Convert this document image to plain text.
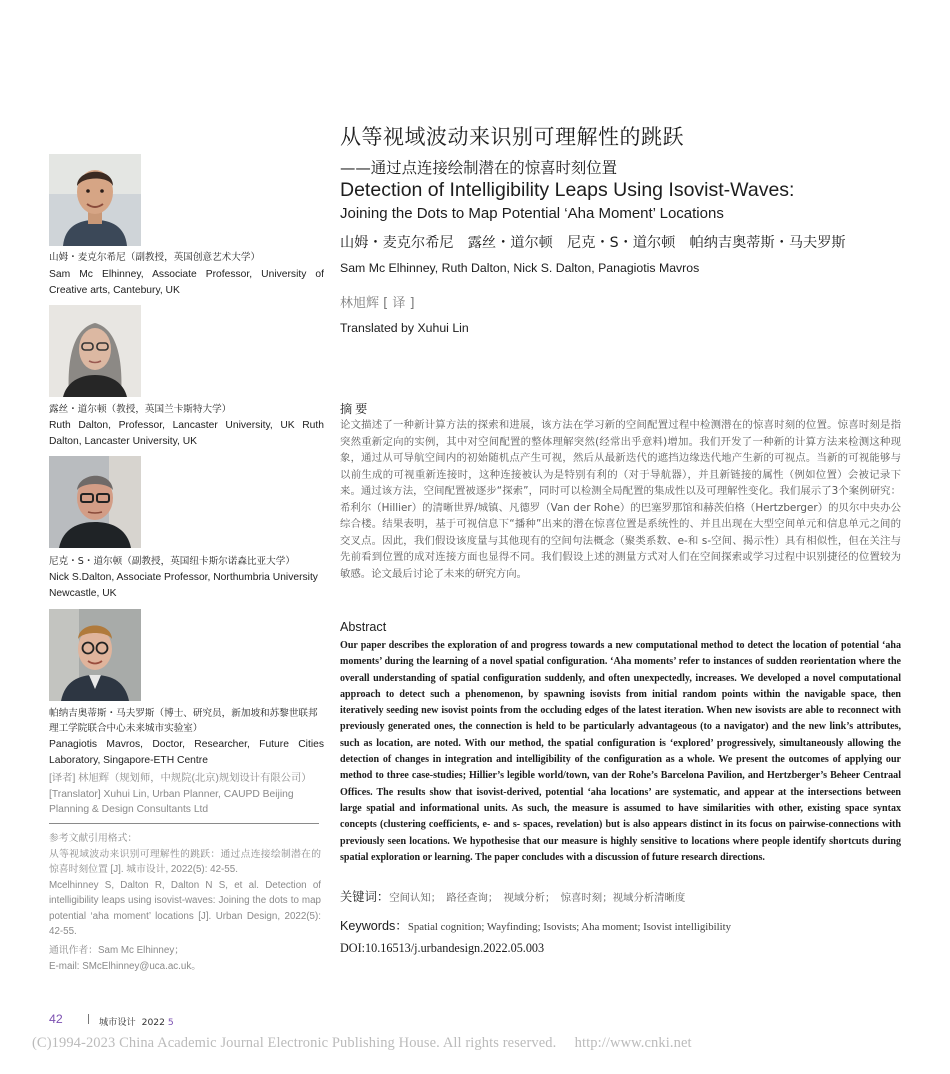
山姆・麦克尔希尼（副教授，英国创意艺术大学）
Sam Mc Elhinney, Associate Professor, University of Creative arts, Cantebury, UK
露丝・道尔顿（教授，英国兰卡斯特大学）
Ruth Dalton, Professor, Lancaster University, UK Ruth Dalton, Lancaster University, UK
尼克・S・道尔顿（副教授，英国纽卡斯尔诺森比亚大学）
Nick S.Dalton, Associate Professor, Northumbria University Newcastle, UK
帕纳吉奥蒂斯・马夫罗斯（博士、研究员，新加坡和苏黎世联邦理工学院联合中心未来城市实验室）
Panagiotis Mavros, Doctor, Researcher, Future Cities Laboratory, Singapore-ETH Centre
[译者] 林旭辉（规划师，中规院(北京)规划设计有限公司）
[Translator] Xuhui Lin, Urban Planner, CAUPD Beijing Planning & Design Consultants Ltd
参考文献引用格式：
从等视域波动来识别可理解性的跳跃：通过点连接绘制潜在的惊喜时刻位置 [J]. 城市设计, 2022(5): 42-55.
Mcelhinney S, Dalton R, Dalton N S, et al. Detection of intelligibility leaps using isovist-waves: Joining the dots to map potential ‘aha moment’ locations [J]. Urban Design, 2022(5): 42-55.
通讯作者：Sam Mc Elhinney；
E-mail: SMcElhinney@uca.ac.uk。
从等视域波动来识别可理解性的跳跃
——通过点连接绘制潜在的惊喜时刻位置
Detection of Intelligibility Leaps Using Isovist-Waves:
Joining the Dots to Map Potential ‘Aha Moment’ Locations
山姆・麦克尔希尼　露丝・道尔顿　尼克・S・道尔顿　帕纳吉奥蒂斯・马夫罗斯
Sam Mc Elhinney, Ruth Dalton, Nick S. Dalton, Panagiotis Mavros
林旭辉 [ 译 ]
Translated by Xuhui Lin
摘要
论文描述了一种新计算方法的探索和进展，该方法在学习新的空间配置过程中检测潜在的惊喜时刻的位置。惊喜时刻是指突然重新定向的实例，其中对空间配置的整体理解突然(经常出乎意料)增加。我们开发了一种新的计算方法来检测这种现象，通过从可导航空间内的初始随机点产生可视，然后从最新迭代的遮挡边缘迭代地产生新的可视点。当新的可视能够与以前生成的可视重新连接时，这种连接被认为是特别有利的（对于导航器），并且新链接的属性（例如位置）会被记录下来。通过该方法，空间配置被逐步“探索”，同时可以检测全局配置的集成性以及可理解性变化。我们展示了3个案例研究：希利尔（Hillier）的清晰世界/城镇、凡德罗（Van der Rohe）的巴塞罗那馆和赫茨伯格（Hertzberger）的贝尔中央办公综合楼。结果表明，基于可视信息下“播种”出来的潜在惊喜位置是系统性的、并且出现在大型空间单元和信息单元之间的交叉点。因此，我们假设该度量与其他现有的空间句法概念（聚类系数、e-和 s-空间、揭示性）具有相似性，但在关注与先前看到位置的成对连接方面也显得不同。我们假设上述的测量方式对人们在空间探索或学习过程中识别捷径的位置较为敏感。论文最后讨论了未来的研究方向。
Abstract
Our paper describes the exploration of and progress towards a new computational method to detect the location of potential ‘aha moments’ during the learning of a novel spatial configuration. ‘Aha moments’ refer to instances of sudden reorientation where the overall understanding of spatial configuration suddenly, and often unexpectedly, increases. We developed a novel computational approach to detect such a phenomenon, by spawning isovists from initial random points within the navigable space, then iteratively seeding new isovist points from the occluding edges of the latest iteration. When new isovists are able to reconnect with previously generated ones, the connection is held to be particularly advantageous (to a navigator) and the new link’s attributes, such as location, are noted. With our method, the spatial configuration is ‘explored’ progressively, simultaneously allowing the detection of changes in integration and intelligibility of the configuration as a whole. We present the outcomes of applying our method to three case-studies; Hillier’s legible world/town, van der Rohe’s Barcelona Pavilion, and Hertzberger’s Beheer Centraal Offices. The results show that isovist-derived, potential ‘aha locations’ are systematic, and appear at the intersections between large spatial and informational units. As such, the measure is assumed to have similarities with other, existing space syntax concepts (clustering coefficients, e- and s- spaces, revelation) but is also appears distinct in its focus on pairwise-connections with previously seen locations. We hypothesise that our measure is highly sensitive to locations where people identify shortcuts during spatial exploration or learning. The paper concludes with a discussion of future research directions.
关键词：空间认知；　路径查询；　视域分析；　惊喜时刻；视域分析清晰度
Keywords：Spatial cognition; Wayfinding; Isovists; Aha moment; Isovist intelligibility
DOI:10.16513/j.urbandesign.2022.05.003
42	城市设计 2022 5
(C)1994-2023 China Academic Journal Electronic Publishing House. All rights reserved.　 http://www.cnki.net
